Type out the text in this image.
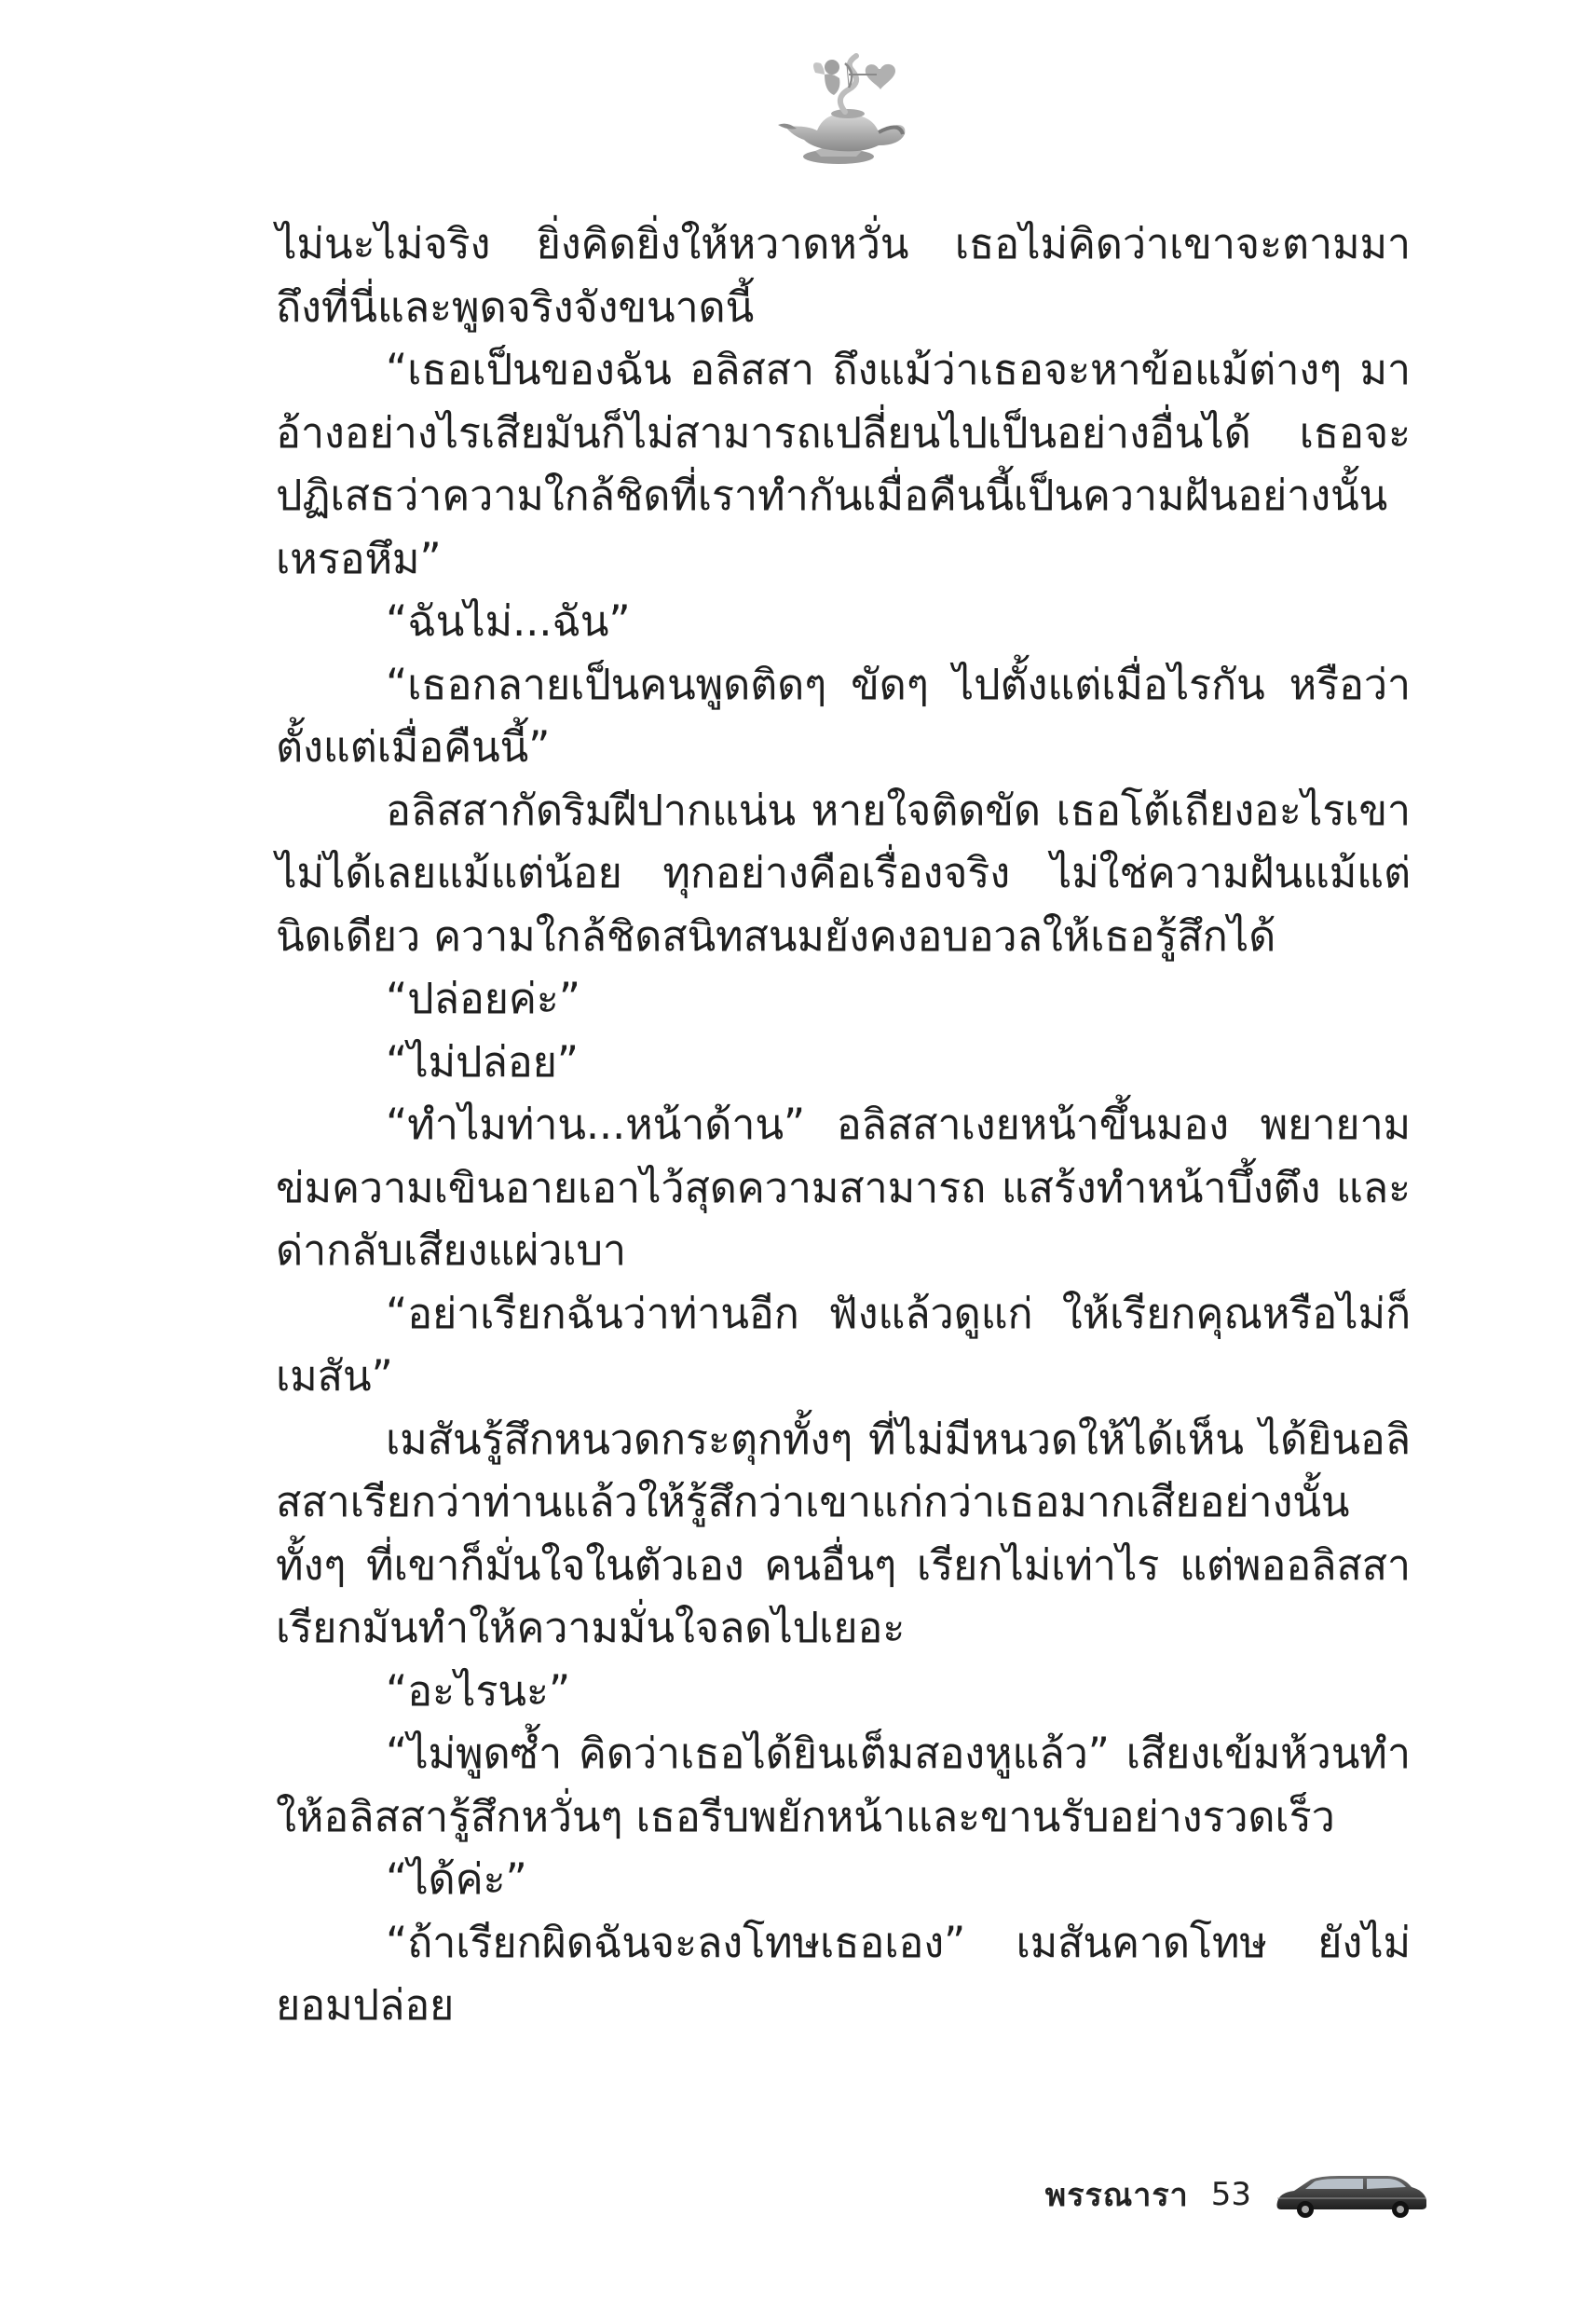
ไม่นะไม่จริง ยิ่งคิดยิ่งให้หวาดหวั่น เธอไม่คิดว่าเขาจะตามมาถึงที่นี่และพูดจริงจังขนาดนี้

“เธอเป็นของฉัน อลิสสา ถึงแม้ว่าเธอจะหาข้อแม้ต่างๆ มาอ้างอย่างไรเสียมันก็ไม่สามารถเปลี่ยนไปเป็นอย่างอื่นได้ เธอจะปฏิเสธว่าความใกล้ชิดที่เราทำกันเมื่อคืนนี้เป็นความฝันอย่างนั้นเหรอหึม”

“ฉันไม่...ฉัน”

“เธอกลายเป็นคนพูดติดๆ ขัดๆ ไปตั้งแต่เมื่อไรกัน หรือว่าตั้งแต่เมื่อคืนนี้”

อลิสสากัดริมฝีปากแน่น หายใจติดขัด เธอโต้เถียงอะไรเขาไม่ได้เลยแม้แต่น้อย ทุกอย่างคือเรื่องจริง ไม่ใช่ความฝันแม้แต่นิดเดียว ความใกล้ชิดสนิทสนมยังคงอบอวลให้เธอรู้สึกได้

“ปล่อยค่ะ”

“ไม่ปล่อย”

“ทำไมท่าน...หน้าด้าน” อลิสสาเงยหน้าขึ้นมอง พยายามข่มความเขินอายเอาไว้สุดความสามารถ แสร้งทำหน้าบึ้งตึง และด่ากลับเสียงแผ่วเบา

“อย่าเรียกฉันว่าท่านอีก ฟังแล้วดูแก่ ให้เรียกคุณหรือไม่ก็เมสัน”

เมสันรู้สึกหนวดกระตุกทั้งๆ ที่ไม่มีหนวดให้ได้เห็น ได้ยินอลิสสาเรียกว่าท่านแล้วให้รู้สึกว่าเขาแก่กว่าเธอมากเสียอย่างนั้น ทั้งๆ ที่เขาก็มั่นใจในตัวเอง คนอื่นๆ เรียกไม่เท่าไร แต่พออลิสสาเรียกมันทำให้ความมั่นใจลดไปเยอะ

“อะไรนะ”

“ไม่พูดซ้ำ คิดว่าเธอได้ยินเต็มสองหูแล้ว” เสียงเข้มห้วนทำให้อลิสสารู้สึกหวั่นๆ เธอรีบพยักหน้าและขานรับอย่างรวดเร็ว

“ได้ค่ะ”

“ถ้าเรียกผิดฉันจะลงโทษเธอเอง” เมสันคาดโทษ ยังไม่ยอมปล่อย

พรรณารา 53
